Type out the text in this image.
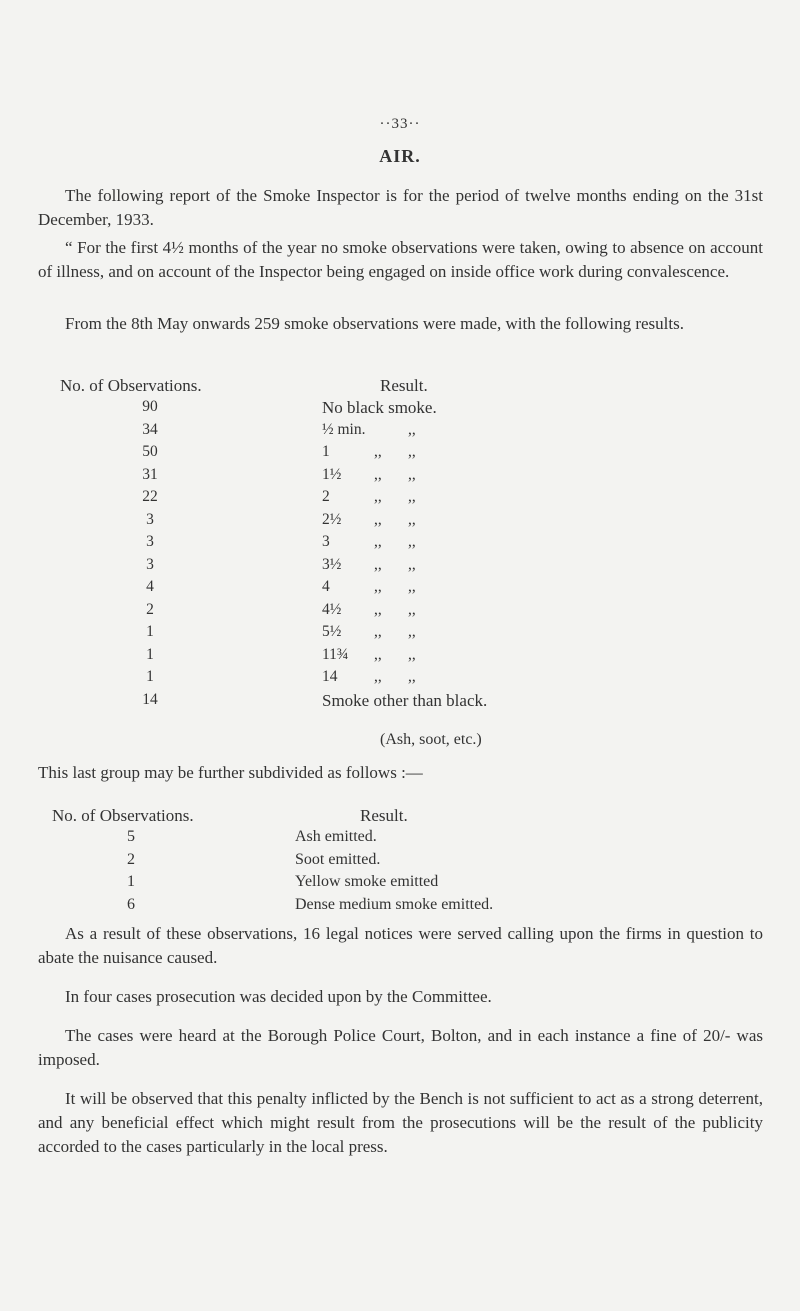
··33··
AIR.
The following report of the Smoke Inspector is for the period of twelve months ending on the 31st December, 1933.
“ For the first 4½ months of the year no smoke observations were taken, owing to absence on account of illness, and on account of the Inspector being engaged on inside office work during convalescence.
From the 8th May onwards 259 smoke observations were made, with the following results.
No. of Observations.	Result.
90	No black smoke.
34	½ min.	,,
50	1	,, ,,
31	1½ ,, ,,
22	2	,, ,,
3	2½ ,, ,,
3	3	,, ,,
3	3½ ,, ,,
4	4	,, ,,
2	4½ ,, ,,
1	5½ ,, ,,
1	11¾ ,, ,,
1	14 ,, ,,
14	Smoke other than black.
(Ash, soot, etc.)
This last group may be further subdivided as follows :—
No. of Observations.	Result.
5	Ash emitted.
2	Soot emitted.
1	Yellow smoke emitted
6	Dense medium smoke emitted.
As a result of these observations, 16 legal notices were served calling upon the firms in question to abate the nuisance caused.
In four cases prosecution was decided upon by the Committee.
The cases were heard at the Borough Police Court, Bolton, and in each instance a fine of 20/- was imposed.
It will be observed that this penalty inflicted by the Bench is not sufficient to act as a strong deterrent, and any beneficial effect which might result from the prosecutions will be the result of the publicity accorded to the cases particularly in the local press.
